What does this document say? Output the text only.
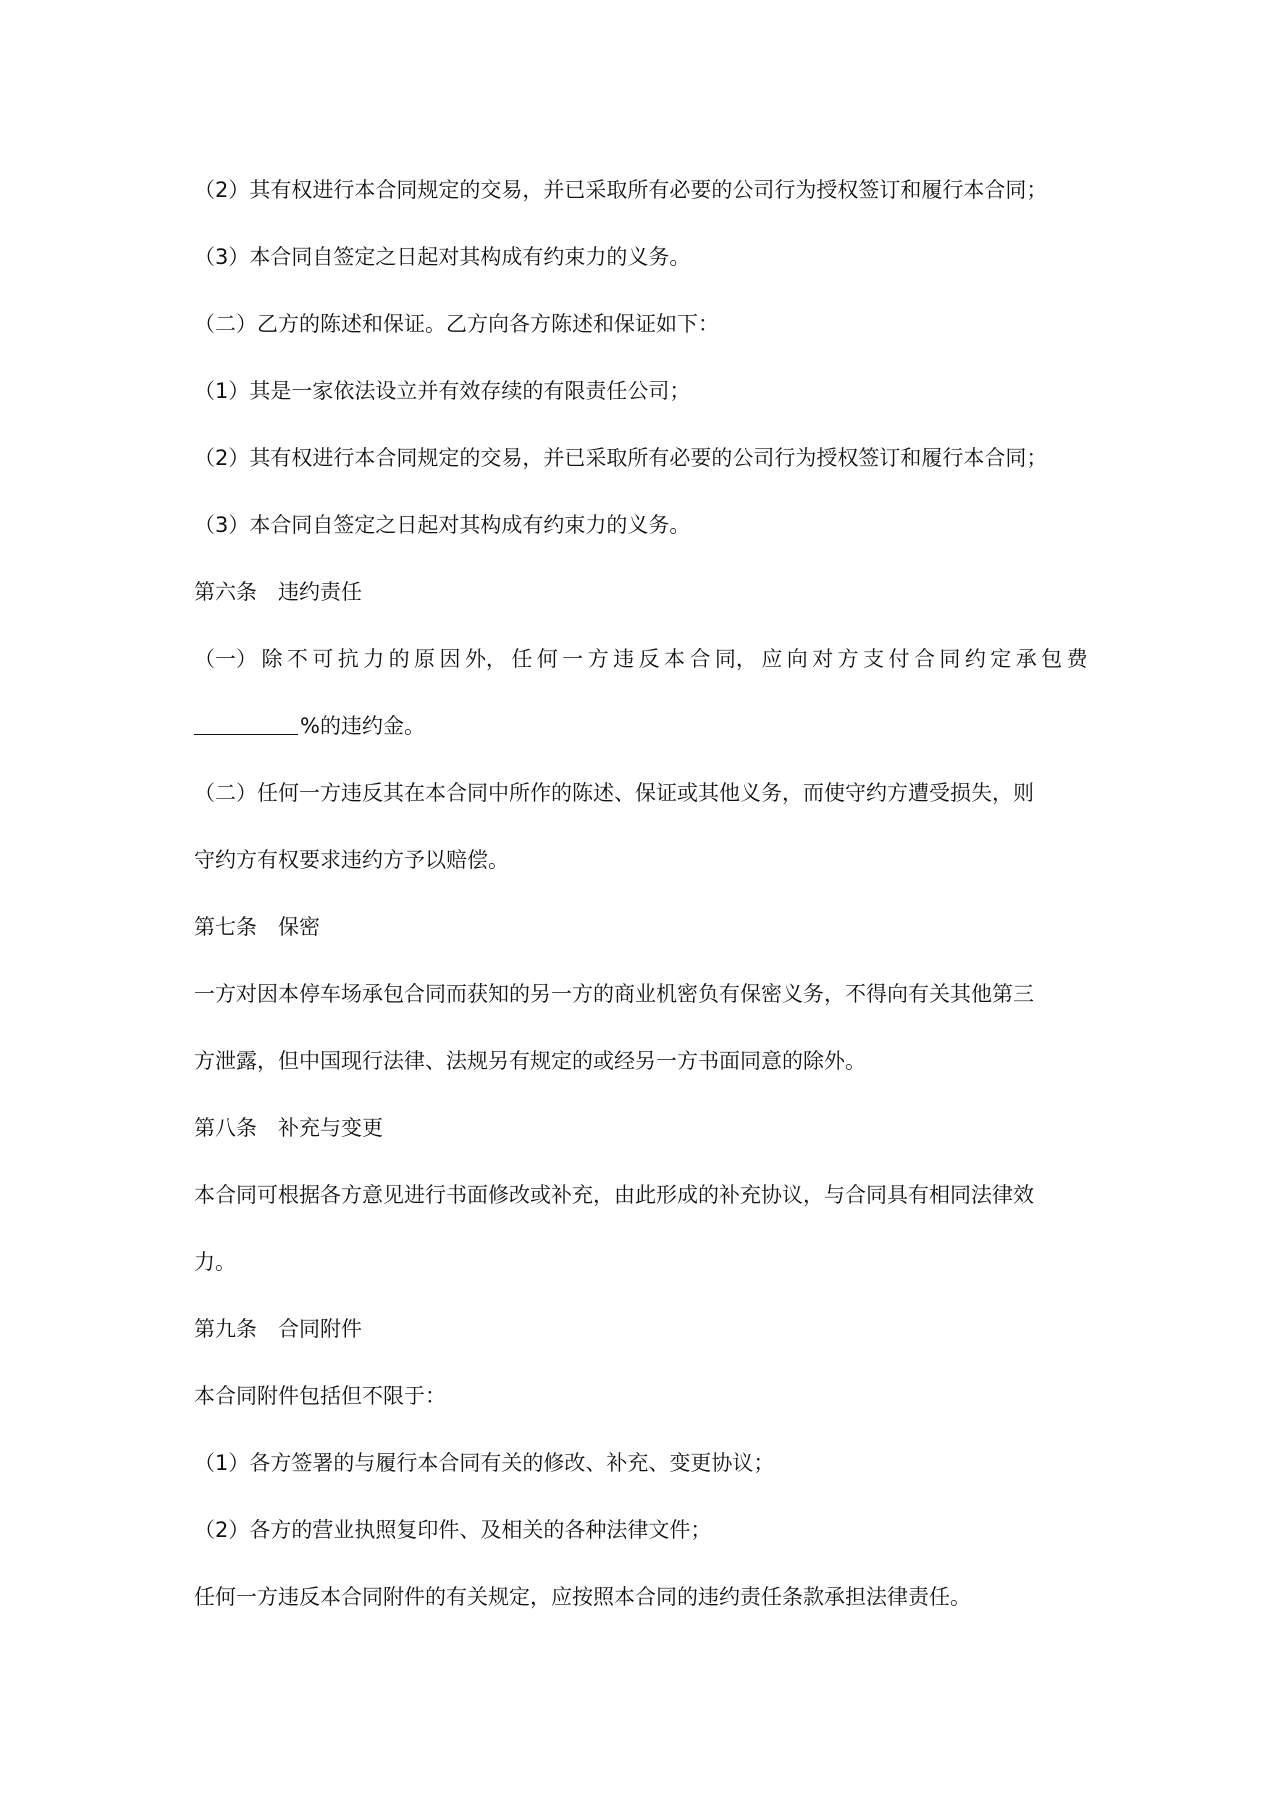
（2）其有权进行本合同规定的交易，并已采取所有必要的公司行为授权签订和履行本合同；

（3）本合同自签定之日起对其构成有约束力的义务。

（二）乙方的陈述和保证。乙方向各方陈述和保证如下：

（1）其是一家依法设立并有效存续的有限责任公司；

（2）其有权进行本合同规定的交易，并已采取所有必要的公司行为授权签订和履行本合同；

（3）本合同自签定之日起对其构成有约束力的义务。

第六条　违约责任

（一） 除 不 可 抗 力 的 原 因 外， 任 何 一 方 违 反 本 合 同， 应 向 对 方 支 付 合 同 约 定 承 包 费

%的违约金。

（二）任何一方违反其在本合同中所作的陈述、保证或其他义务，而使守约方遭受损失，则

守约方有权要求违约方予以赔偿。

第七条　保密

一方对因本停车场承包合同而获知的另一方的商业机密负有保密义务，不得向有关其他第三

方泄露，但中国现行法律、法规另有规定的或经另一方书面同意的除外。

第八条　补充与变更

本合同可根据各方意见进行书面修改或补充，由此形成的补充协议，与合同具有相同法律效

力。

第九条　合同附件

本合同附件包括但不限于：

（1）各方签署的与履行本合同有关的修改、补充、变更协议；

（2）各方的营业执照复印件、及相关的各种法律文件；

任何一方违反本合同附件的有关规定，应按照本合同的违约责任条款承担法律责任。
